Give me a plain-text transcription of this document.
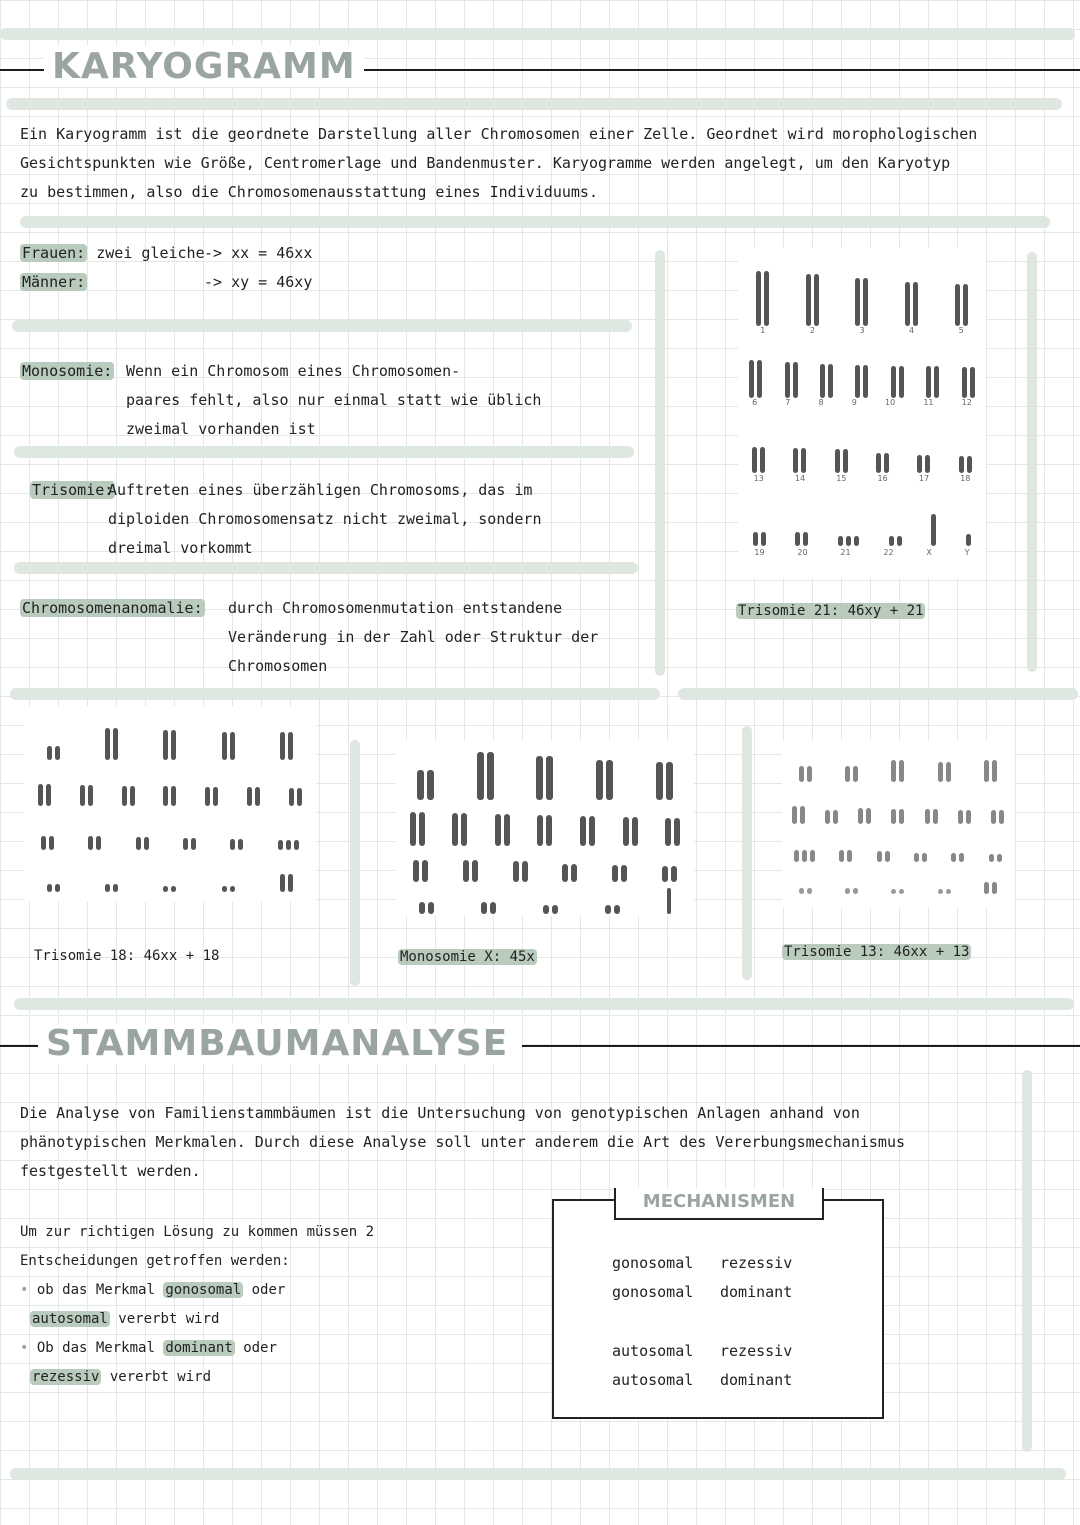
KARYOGRAMM
Ein Karyogramm ist die geordnete Darstellung aller Chromosomen einer Zelle. Geordnet wird morophologischen
Gesichtspunkten wie Größe, Centromerlage und Bandenmuster. Karyogramme werden angelegt, um den Karyotyp
zu bestimmen, also die Chromosomenausstattung eines Individuums.
Frauen: zwei gleiche -> xx = 46xx
Männer:	-> xy = 46xy
Monosomie: Wenn ein Chromosom eines Chromosomen-
paares fehlt, also nur einmal statt wie üblich
zweimal vorhanden ist
Trisomie:
Auftreten eines überzähligen Chromosoms, das im
diploiden Chromosomensatz nicht zweimal, sondern
dreimal vorkommt
Chromosomenanomalie: durch Chromosomenmutation entstandene
Veränderung in der Zahl oder Struktur der
Chromosomen
1	2	3	4	5
6	7	8	9	10	11	12
13	14	15	16	17	18
19	20	21	22	X	Y
Trisomie 21: 46xy + 21
Trisomie 18: 46xx + 18	Monosomie X: 45x	Trisomie 13: 46xx + 13
STAMMBAUMANALYSE
Die Analyse von Familienstammbäumen ist die Untersuchung von genotypischen Anlagen anhand von
phänotypischen Merkmalen. Durch diese Analyse soll unter anderem die Art des Vererbungsmechanismus
festgestellt werden.
Um zur richtigen Lösung zu kommen müssen 2
Entscheidungen getroffen werden:
• ob das Merkmal gonosomal oder
autosomal vererbt wird
• Ob das Merkmal dominant oder
rezessiv vererbt wird
MECHANISMEN
gonosomal rezessiv
gonosomal dominant
autosomal rezessiv
autosomal dominant
